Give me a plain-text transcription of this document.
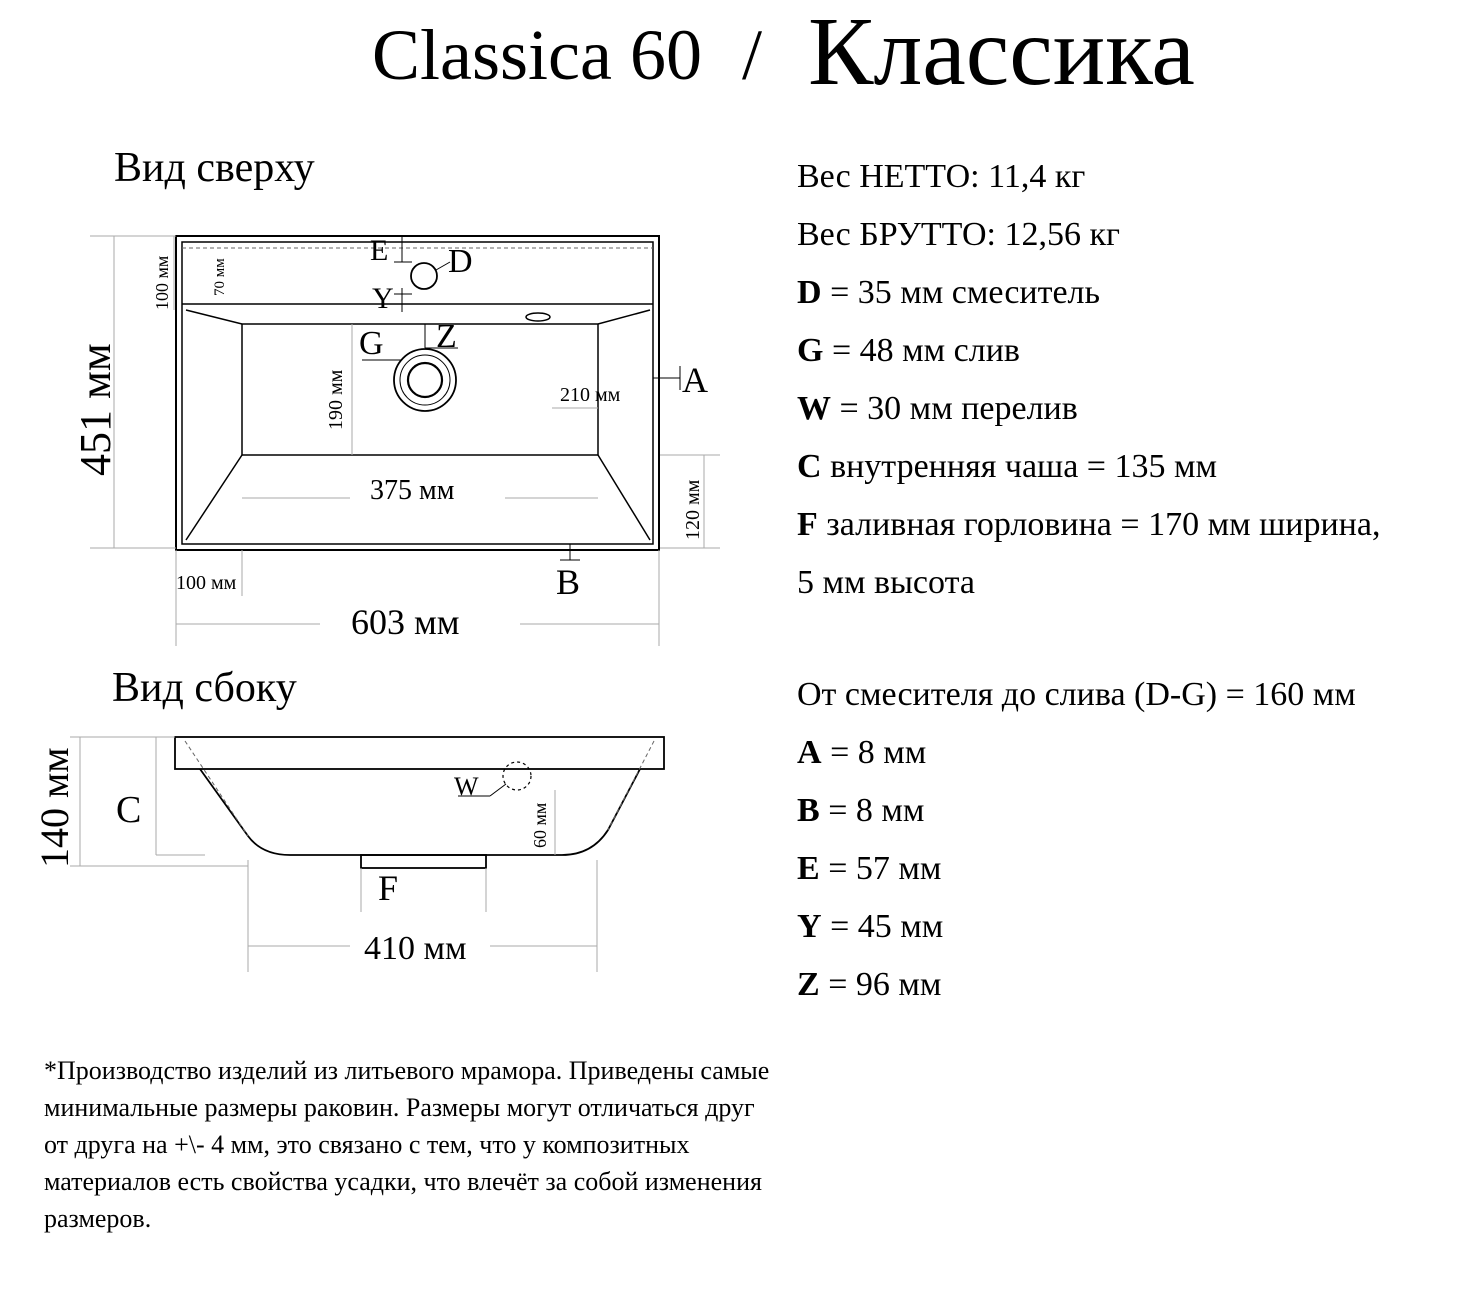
Classica 60 / Классика
Вид сверху
Вид сбоку
451 мм
100 мм	70 мм
190 мм	210 мм
120 мм
375 мм
100 мм
603 мм
E D
Y
G Z
A
B
140 мм C
W
60 мм
F
410 мм
Вес НЕТТО: 11,4 кг
Вес БРУТТО: 12,56 кг
D = 35 мм смеситель
G = 48 мм слив
W = 30 мм перелив
C внутренняя чаша = 135 мм
F заливная горловина = 170 мм ширина,
5 мм высота
От смесителя до слива (D-G) = 160 мм
A = 8 мм
B = 8 мм
E = 57 мм
Y = 45 мм
Z = 96 мм
*Производство изделий из литьевого мрамора. Приведены самые
минимальные размеры раковин. Размеры могут отличаться друг
от друга на +\- 4 мм, это связано с тем, что у композитных
материалов есть свойства усадки, что влечёт за собой изменения
размеров.
